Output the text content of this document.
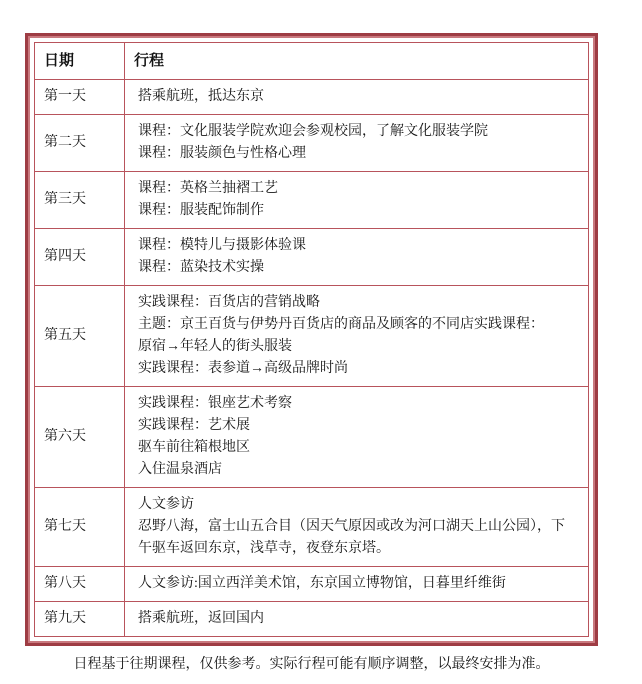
日期	行程
第一天	搭乘航班，抵达东京

第二天	课程：文化服装学院欢迎会参观校园，了解文化服装学院
课程：服装颜色与性格心理

第三天	课程：英格兰抽褶工艺
课程：服装配饰制作

第四天	课程：模特儿与摄影体验课
课程：蓝染技术实操

第五天	实践课程：百货店的营销战略
主题：京王百货与伊势丹百货店的商品及顾客的不同店实践课程：
原宿→年轻人的街头服装
实践课程：表参道→高级品牌时尚

第六天	实践课程：银座艺术考察
实践课程：艺术展
驱车前往箱根地区
入住温泉酒店

第七天	人文参访
忍野八海，富士山五合目（因天气原因或改为河口湖天上山公园），下午驱车返回东京，浅草寺，夜登东京塔。

第八天	人文参访:国立西洋美术馆，东京国立博物馆，日暮里纤维街

第九天	搭乘航班，返回国内
日程基于往期课程，仅供参考。实际行程可能有顺序调整，以最终安排为准。
